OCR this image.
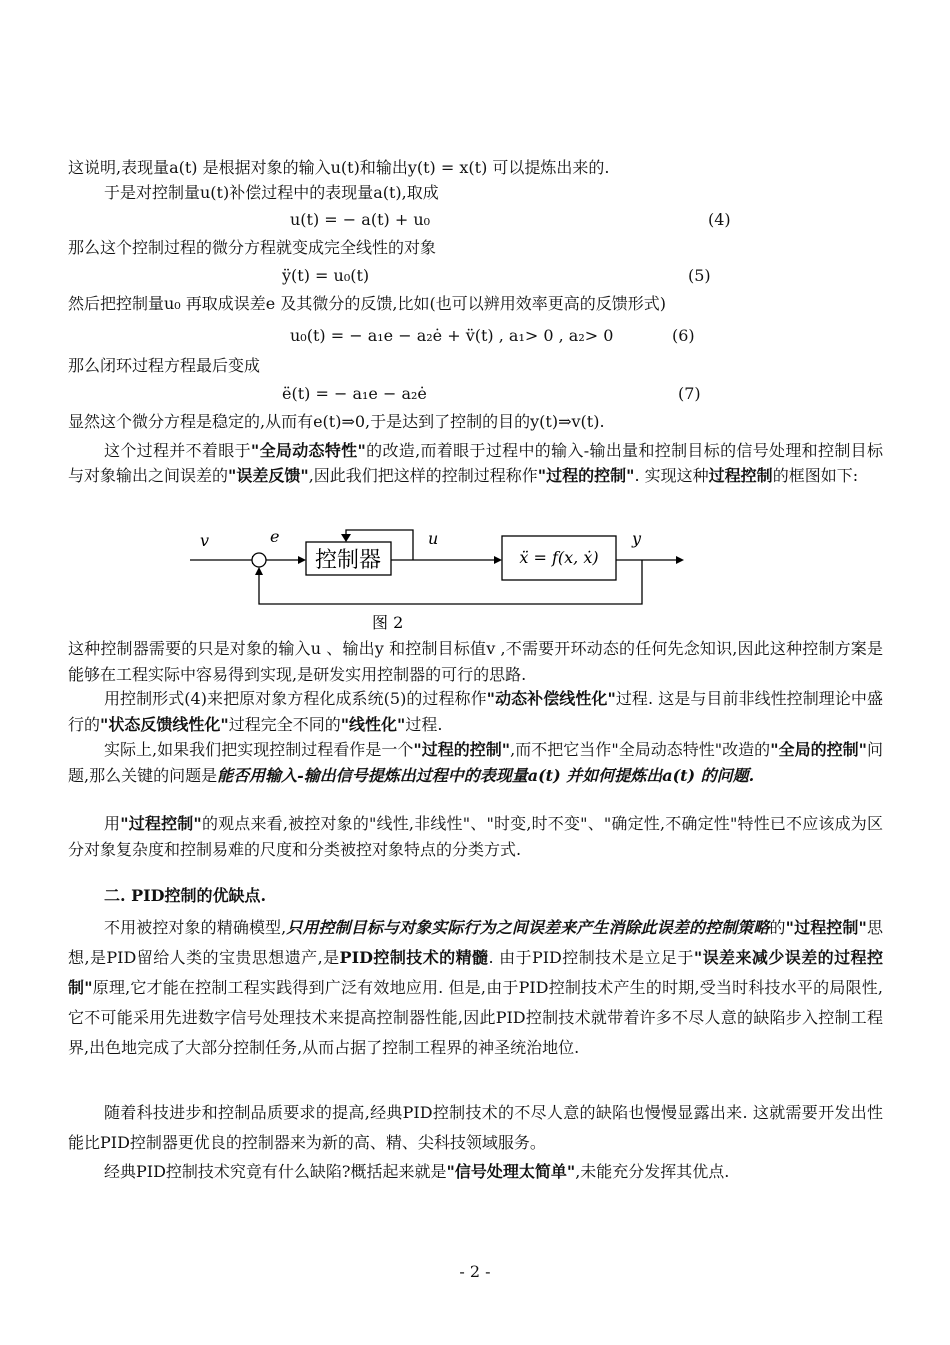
这说明,表现量a(t) 是根据对象的输入u(t)和输出y(t) = x(t) 可以提炼出来的.
于是对控制量u(t)补偿过程中的表现量a(t),取成
u(t) = − a(t) + u₀	(4)
那么这个控制过程的微分方程就变成完全线性的对象
ÿ(t) = u₀(t)	(5)
然后把控制量u₀ 再取成误差e 及其微分的反馈,比如(也可以辨用效率更高的反馈形式)
u₀(t) = − a₁e − a₂ė + v̈(t) , a₁> 0 , a₂> 0	(6)
那么闭环过程方程最后变成
ë(t) = − a₁e − a₂ė	(7)
显然这个微分方程是稳定的,从而有e(t)⇒0,于是达到了控制的目的y(t)⇒v(t).
这个过程并不着眼于"全局动态特性"的改造,而着眼于过程中的输入-输出量和控制目标的信号处理和控制目标与对象输出之间误差的"误差反馈",因此我们把这样的控制过程称作"过程的控制". 实现这种过程控制的框图如下:
v	e
控制器
u
ẍ = f(x, ẋ)
y
图 2
这种控制器需要的只是对象的输入u 、输出y 和控制目标值v ,不需要开环动态的任何先念知识,因此这种控制方案是能够在工程实际中容易得到实现,是研发实用控制器的可行的思路.
用控制形式(4)来把原对象方程化成系统(5)的过程称作"动态补偿线性化"过程. 这是与目前非线性控制理论中盛行的"状态反馈线性化"过程完全不同的"线性化"过程.
实际上,如果我们把实现控制过程看作是一个"过程的控制",而不把它当作"全局动态特性"改造的"全局的控制"问题,那么关键的问题是能否用输入-输出信号提炼出过程中的表现量a(t) 并如何提炼出a(t) 的问题.
用"过程控制"的观点来看,被控对象的"线性,非线性"、"时变,时不变"、"确定性,不确定性"特性已不应该成为区分对象复杂度和控制易难的尺度和分类被控对象特点的分类方式.
二. PID控制的优缺点.
不用被控对象的精确模型,只用控制目标与对象实际行为之间误差来产生消除此误差的控制策略的"过程控制"思想,是PID留给人类的宝贵思想遗产,是PID控制技术的精髓. 由于PID控制技术是立足于"误差来减少误差的过程控制"原理,它才能在控制工程实践得到广泛有效地应用. 但是,由于PID控制技术产生的时期,受当时科技水平的局限性,它不可能采用先进数字信号处理技术来提高控制器性能,因此PID控制技术就带着许多不尽人意的缺陷步入控制工程界,出色地完成了大部分控制任务,从而占据了控制工程界的神圣统治地位.
随着科技进步和控制品质要求的提高,经典PID控制技术的不尽人意的缺陷也慢慢显露出来. 这就需要开发出性能比PID控制器更优良的控制器来为新的高、精、尖科技领域服务。
经典PID控制技术究竟有什么缺陷?概括起来就是"信号处理太简单",未能充分发挥其优点.
- 2 -
